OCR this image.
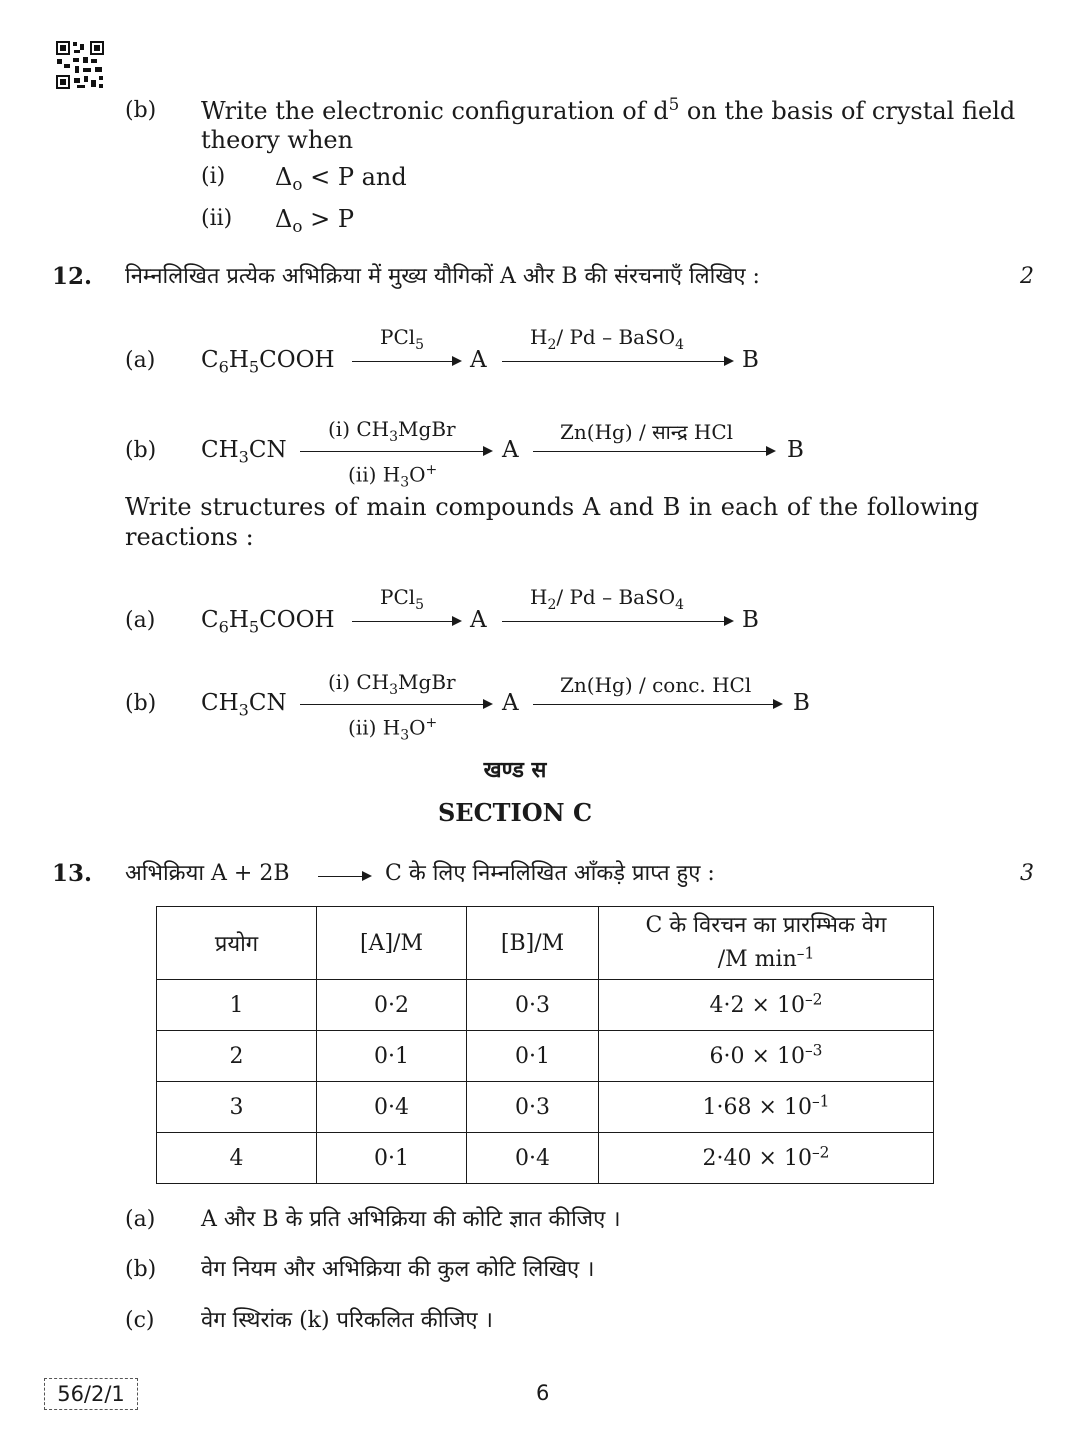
(b) Write the electronic configuration of $d^5$ on the basis of crystal field
theory when
(i) $\Delta_o < P$ and
(ii) $\Delta_o > P$
12. निम्नलिखित प्रत्येक अभिक्रिया में मुख्य यौगिकों A और B की संरचनाएँ लिखिए :	2
(a) $C_6H_5COOH$
PCl$_5$
A
$H_2/$ Pd – BaSO$_4$
B
(b) $CH_3CN$
(i) $CH_3MgBr$
(ii) $H_3O^+$
A
Zn(Hg) / सान्द्र HCl
B
Write structures of main compounds A and B in each of the following
reactions :
(a) $C_6H_5COOH$
PCl$_5$
A
$H_2/$ Pd – BaSO$_4$
B
(b) $CH_3CN$
(i) $CH_3MgBr$
(ii) $H_3O^+$
A
Zn(Hg) / conc. HCl
B
खण्ड स
SECTION C
13. अभिक्रिया A + 2B	C के लिए निम्नलिखित आँकड़े प्राप्त हुए :	3
प्रयोग	[A]/M	[B]/M	C के विरचन का प्रारम्भिक वेग
/M $\min^{-1}$

1	0·2	0·3	$4\cdot 2 \times 10^{-2}$
2	0·1	0·1	$6\cdot 0 \times 10^{-3}$
3	0·4	0·3	$1\cdot 68 \times 10^{-1}$
4	0·1	0·4	$2\cdot 40 \times 10^{-2}$
(a) A और B के प्रति अभिक्रिया की कोटि ज्ञात कीजिए ।
(b) वेग नियम और अभिक्रिया की कुल कोटि लिखिए ।
(c) वेग स्थिरांक (k) परिकलित कीजिए ।
56/2/1	6
